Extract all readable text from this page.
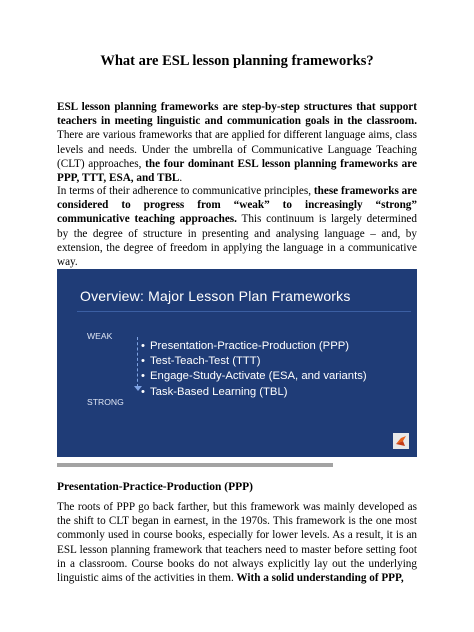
What are ESL lesson planning frameworks?

ESL lesson planning frameworks are step-by-step structures that support teachers in meeting linguistic and communication goals in the classroom. There are various frameworks that are applied for different language aims, class levels and needs. Under the umbrella of Communicative Language Teaching (CLT) approaches, the four dominant ESL lesson planning frameworks are PPP, TTT, ESA, and TBL.

In terms of their adherence to communicative principles, these frameworks are considered to progress from “weak” to increasingly “strong” communicative teaching approaches. This continuum is largely determined by the degree of structure in presenting and analysing language – and, by extension, the degree of freedom in applying the language in a communicative way.

Overview: Major Lesson Plan Frameworks
WEAK
STRONG
• Presentation-Practice-Production (PPP)
• Test-Teach-Test (TTT)
• Engage-Study-Activate (ESA, and variants)
• Task-Based Learning (TBL)
Presentation-Practice-Production (PPP)

The roots of PPP go back farther, but this framework was mainly developed as the shift to CLT began in earnest, in the 1970s. This framework is the one most commonly used in course books, especially for lower levels. As a result, it is an ESL lesson planning framework that teachers need to master before setting foot in a classroom. Course books do not always explicitly lay out the underlying linguistic aims of the activities in them. With a solid understanding of PPP,
